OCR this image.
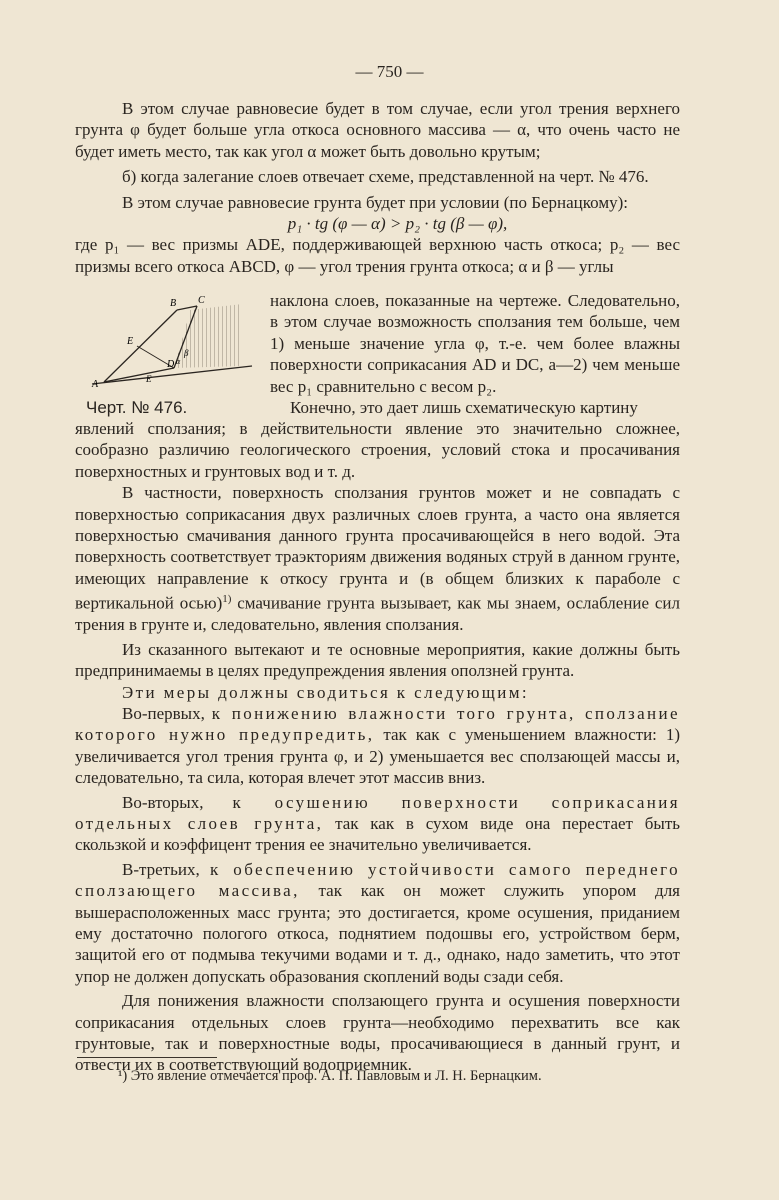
— 750 —

В этом случае равновесие будет в том случае, если угол трения верхнего грунта φ будет больше угла откоса основного массива — α, что очень часто не будет иметь место, так как угол α может быть довольно крутым;

б) когда залегание слоев отвечает схеме, представленной на черт. № 476.

В этом случае равновесие грунта будет при условии (по Бернацкому):

p₁ · tg (φ — α) > p₂ · tg (β — φ),

где p₁ — вес призмы ADE, поддерживающей верхнюю часть откоса; p₂ — вес призмы всего откоса ABCD, φ — угол трения грунта откоса; α и β — углы

B C
E
D
A	E
β
α
Черт. № 476.

наклона слоев, показанные на чертеже. Следовательно, в этом случае возможность сползания тем больше, чем 1) меньше значение угла φ, т.-е. чем более влажны поверхности соприкасания AD и DC, а—2) чем меньше вес p₁ сравнительно с весом p₂.

Конечно, это дает лишь схематическую картину

явлений сползания; в действительности явление это значительно сложнее, сообразно различию геологического строения, условий стока и просачивания поверхностных и грунтовых вод и т. д.

В частности, поверхность сползания грунтов может и не совпадать с поверхностью соприкасания двух различных слоев грунта, а часто она является поверхностью смачивания данного грунта просачивающейся в него водой. Эта поверхность соответствует траэкториям движения водяных струй в данном грунте, имеющих направление к откосу грунта и (в общем близких к параболе с вертикальной осью)$^{1)}$ смачивание грунта вызывает, как мы знаем, ослабление сил трения в грунте и, следовательно, явления сползания.

Из сказанного вытекают и те основные мероприятия, какие должны быть предпринимаемы в целях предупреждения явления оползней грунта.

Эти меры должны сводиться к следующим:

Во-первых, к понижению влажности того грунта, сползание которого нужно предупредить, так как с уменьшением влажности: 1) увеличивается угол трения грунта φ, и 2) уменьшается вес сползающей массы и, следовательно, та сила, которая влечет этот массив вниз.

Во-вторых, к осушению поверхности соприкасания отдельных слоев грунта, так как в сухом виде она перестает быть скользкой и коэффицент трения ее значительно увеличивается.

В-третьих, к обеспечению устойчивости самого переднего сползающего массива, так как он может служить упором для вышерасположенных масс грунта; это достигается, кроме осушения, приданием ему достаточно пологого откоса, поднятием подошвы его, устройством берм, защитой его от подмыва текучими водами и т. д., однако, надо заметить, что этот упор не должен допускать образования скоплений воды сзади себя.

Для понижения влажности сползающего грунта и осушения поверхности соприкасания отдельных слоев грунта—необходимо перехватить все как грунтовые, так и поверхностные воды, просачивающиеся в данный грунт, и отвести их в соответствующий водоприемник.

¹) Это явление отмечается проф. А. П. Павловым и Л. Н. Бернацким.
